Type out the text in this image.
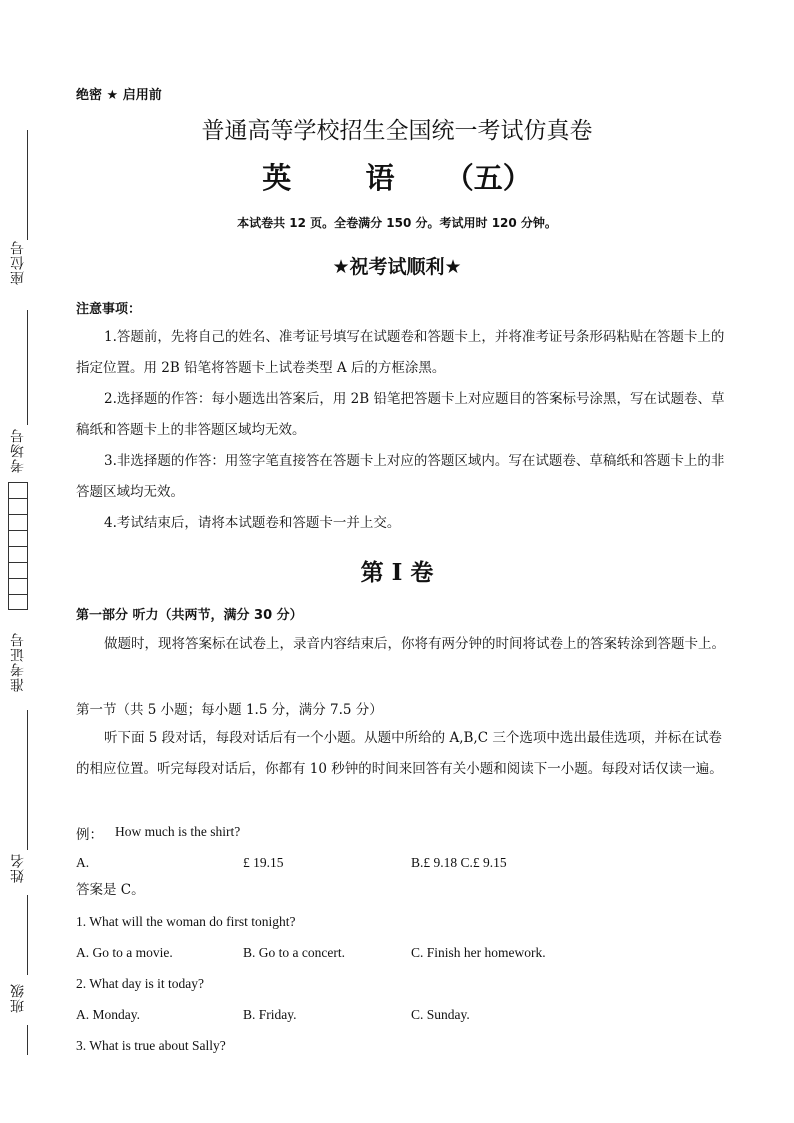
座位号
考场号
准考证号
姓名
班级
绝密 ★ 启用前
普通高等学校招生全国统一考试仿真卷
英	语 （五）
本试卷共 12 页。全卷满分 150 分。考试用时 120 分钟。
★祝考试顺利★
注意事项：

1.答题前，先将自己的姓名、准考证号填写在试题卷和答题卡上，并将准考证号条形码粘贴在答题卡上的指定位置。用 2B 铅笔将答题卡上试卷类型 A 后的方框涂黑。

2.选择题的作答：每小题选出答案后，用 2B 铅笔把答题卡上对应题目的答案标号涂黑，写在试题卷、草稿纸和答题卡上的非答题区域均无效。

3.非选择题的作答：用签字笔直接答在答题卡上对应的答题区域内。写在试题卷、草稿纸和答题卡上的非答题区域均无效。

4.考试结束后，请将本试题卷和答题卡一并上交。

第 I 卷
第一部分 听力（共两节，满分 30 分）

做题时，现将答案标在试卷上，录音内容结束后，你将有两分钟的时间将试卷上的答案转涂到答题卡上。

第一节（共 5 小题；每小题 1.5 分，满分 7.5 分）

听下面 5 段对话，每段对话后有一个小题。从题中所给的 A,B,C 三个选项中选出最佳选项，并标在试卷的相应位置。听完每段对话后，你都有 10 秒钟的时间来回答有关小题和阅读下一小题。每段对话仅读一遍。

例： How much is the shirt?
A.	£ 19.15	B.£ 9.18 C.£ 9.15
答案是 C。
1. What will the woman do first tonight?
A. Go to a movie.	B. Go to a concert.	C. Finish her homework.
2. What day is it today?
A. Monday.	B. Friday.	C. Sunday.
3. What is true about Sally?
